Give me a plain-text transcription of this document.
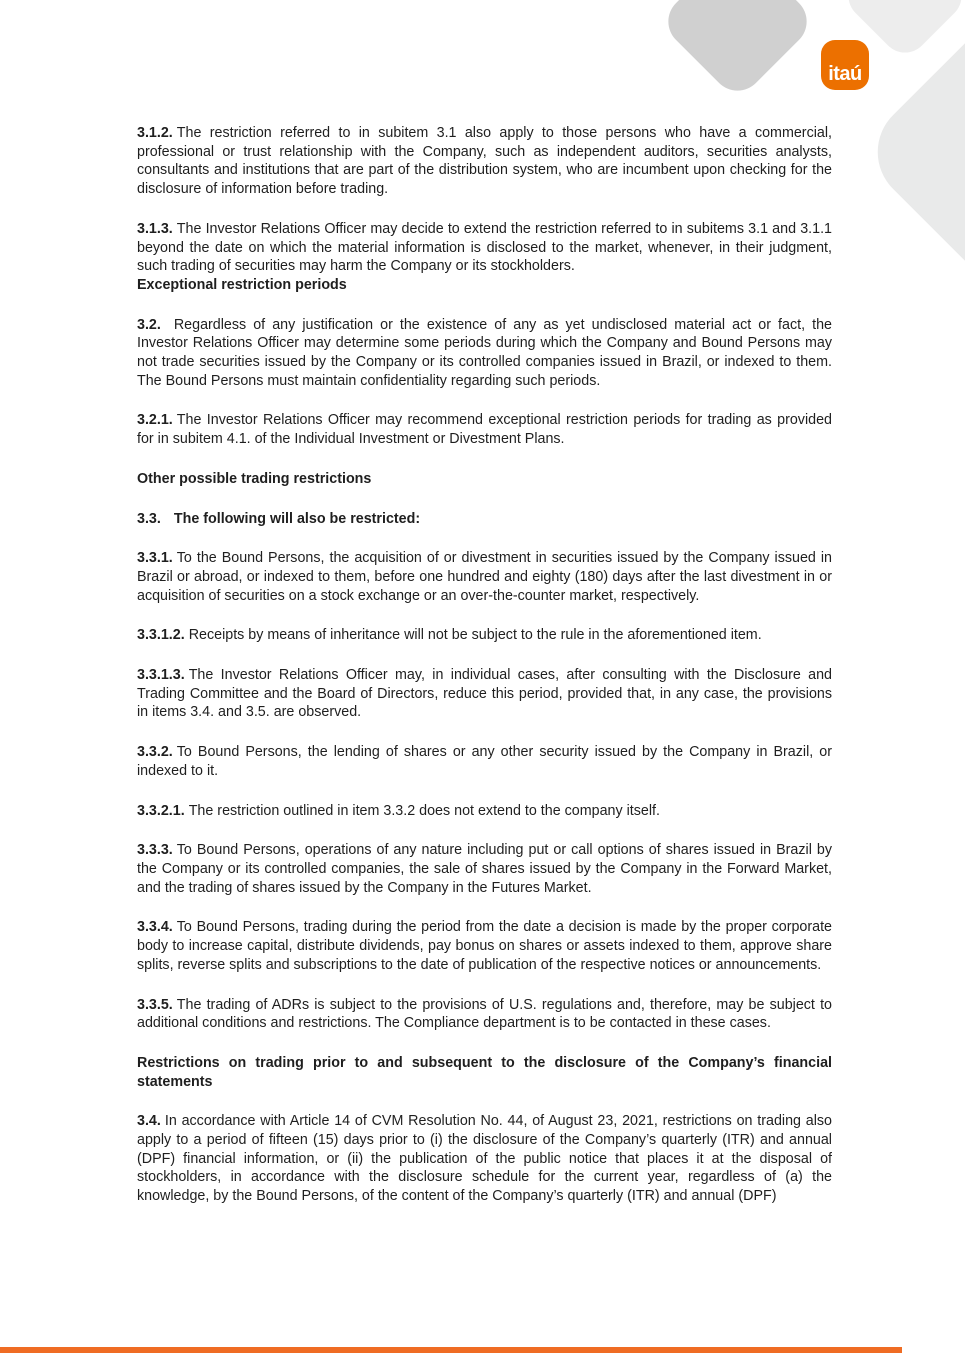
itaú

3.1.2. The restriction referred to in subitem 3.1 also apply to those persons who have a commercial, professional or trust relationship with the Company, such as independent auditors, securities analysts, consultants and institutions that are part of the distribution system, who are incumbent upon checking for the disclosure of information before trading.

3.1.3. The Investor Relations Officer may decide to extend the restriction referred to in subitems 3.1 and 3.1.1 beyond the date on which the material information is disclosed to the market, whenever, in their judgment, such trading of securities may harm the Company or its stockholders.

Exceptional restriction periods

3.2. Regardless of any justification or the existence of any as yet undisclosed material act or fact, the Investor Relations Officer may determine some periods during which the Company and Bound Persons may not trade securities issued by the Company or its controlled companies issued in Brazil, or indexed to them. The Bound Persons must maintain confidentiality regarding such periods.

3.2.1. The Investor Relations Officer may recommend exceptional restriction periods for trading as provided for in subitem 4.1. of the Individual Investment or Divestment Plans.

Other possible trading restrictions

3.3. The following will also be restricted:

3.3.1. To the Bound Persons, the acquisition of or divestment in securities issued by the Company issued in Brazil or abroad, or indexed to them, before one hundred and eighty (180) days after the last divestment in or acquisition of securities on a stock exchange or an over-the-counter market, respectively.

3.3.1.2. Receipts by means of inheritance will not be subject to the rule in the aforementioned item.

3.3.1.3. The Investor Relations Officer may, in individual cases, after consulting with the Disclosure and Trading Committee and the Board of Directors, reduce this period, provided that, in any case, the provisions in items 3.4. and 3.5. are observed.

3.3.2. To Bound Persons, the lending of shares or any other security issued by the Company in Brazil, or indexed to it.

3.3.2.1. The restriction outlined in item 3.3.2 does not extend to the company itself.

3.3.3. To Bound Persons, operations of any nature including put or call options of shares issued in Brazil by the Company or its controlled companies, the sale of shares issued by the Company in the Forward Market, and the trading of shares issued by the Company in the Futures Market.

3.3.4. To Bound Persons, trading during the period from the date a decision is made by the proper corporate body to increase capital, distribute dividends, pay bonus on shares or assets indexed to them, approve share splits, reverse splits and subscriptions to the date of publication of the respective notices or announcements.

3.3.5. The trading of ADRs is subject to the provisions of U.S. regulations and, therefore, may be subject to additional conditions and restrictions. The Compliance department is to be contacted in these cases.

Restrictions on trading prior to and subsequent to the disclosure of the Company’s financial statements

3.4. In accordance with Article 14 of CVM Resolution No. 44, of August 23, 2021, restrictions on trading also apply to a period of fifteen (15) days prior to (i) the disclosure of the Company’s quarterly (ITR) and annual (DPF) financial information, or (ii) the publication of the public notice that places it at the disposal of stockholders, in accordance with the disclosure schedule for the current year, regardless of (a) the knowledge, by the Bound Persons, of the content of the Company’s quarterly (ITR) and annual (DPF)
